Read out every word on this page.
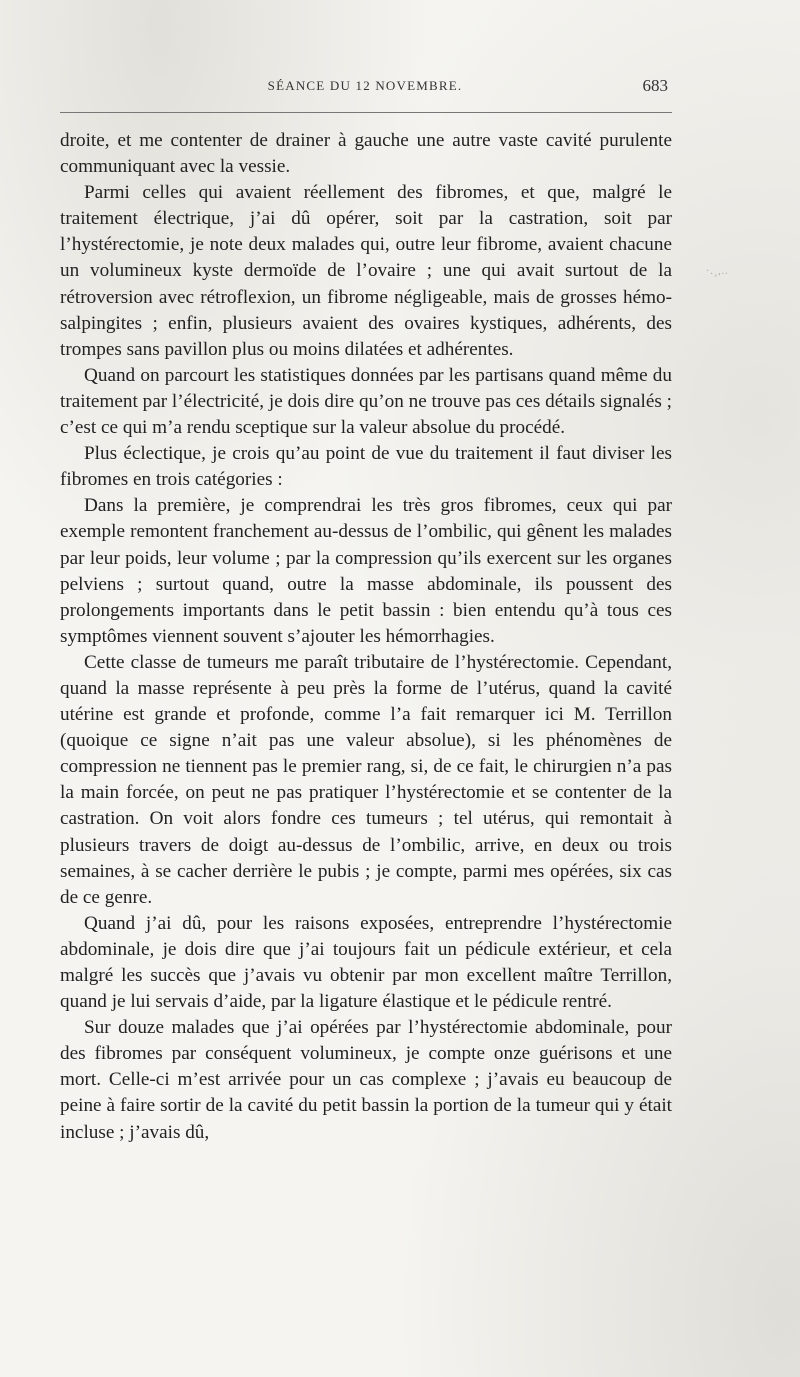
SÉANCE DU 12 NOVEMBRE.	683
·.¸,..

droite, et me contenter de drainer à gauche une autre vaste cavité purulente communiquant avec la vessie.

Parmi celles qui avaient réellement des fibromes, et que, malgré le traitement électrique, j’ai dû opérer, soit par la castration, soit par l’hystérectomie, je note deux malades qui, outre leur fibrome, avaient chacune un volumineux kyste dermoïde de l’ovaire ; une qui avait surtout de la rétroversion avec rétroflexion, un fibrome négligeable, mais de grosses hémo-salpingites ; enfin, plusieurs avaient des ovaires kystiques, adhérents, des trompes sans pavillon plus ou moins dilatées et adhérentes.

Quand on parcourt les statistiques données par les partisans quand même du traitement par l’électricité, je dois dire qu’on ne trouve pas ces détails signalés ; c’est ce qui m’a rendu sceptique sur la valeur absolue du procédé.

Plus éclectique, je crois qu’au point de vue du traitement il faut diviser les fibromes en trois catégories :

Dans la première, je comprendrai les très gros fibromes, ceux qui par exemple remontent franchement au-dessus de l’ombilic, qui gênent les malades par leur poids, leur volume ; par la compression qu’ils exercent sur les organes pelviens ; surtout quand, outre la masse abdominale, ils poussent des prolongements importants dans le petit bassin : bien entendu qu’à tous ces symptômes viennent souvent s’ajouter les hémorrhagies.

Cette classe de tumeurs me paraît tributaire de l’hystérectomie. Cependant, quand la masse représente à peu près la forme de l’utérus, quand la cavité utérine est grande et profonde, comme l’a fait remarquer ici M. Terrillon (quoique ce signe n’ait pas une valeur absolue), si les phénomènes de compression ne tiennent pas le premier rang, si, de ce fait, le chirurgien n’a pas la main forcée, on peut ne pas pratiquer l’hystérectomie et se contenter de la castration. On voit alors fondre ces tumeurs ; tel utérus, qui remontait à plusieurs travers de doigt au-dessus de l’ombilic, arrive, en deux ou trois semaines, à se cacher derrière le pubis ; je compte, parmi mes opérées, six cas de ce genre.

Quand j’ai dû, pour les raisons exposées, entreprendre l’hystérectomie abdominale, je dois dire que j’ai toujours fait un pédicule extérieur, et cela malgré les succès que j’avais vu obtenir par mon excellent maître Terrillon, quand je lui servais d’aide, par la ligature élastique et le pédicule rentré.

Sur douze malades que j’ai opérées par l’hystérectomie abdominale, pour des fibromes par conséquent volumineux, je compte onze guérisons et une mort. Celle-ci m’est arrivée pour un cas complexe ; j’avais eu beaucoup de peine à faire sortir de la cavité du petit bassin la portion de la tumeur qui y était incluse ; j’avais dû,
